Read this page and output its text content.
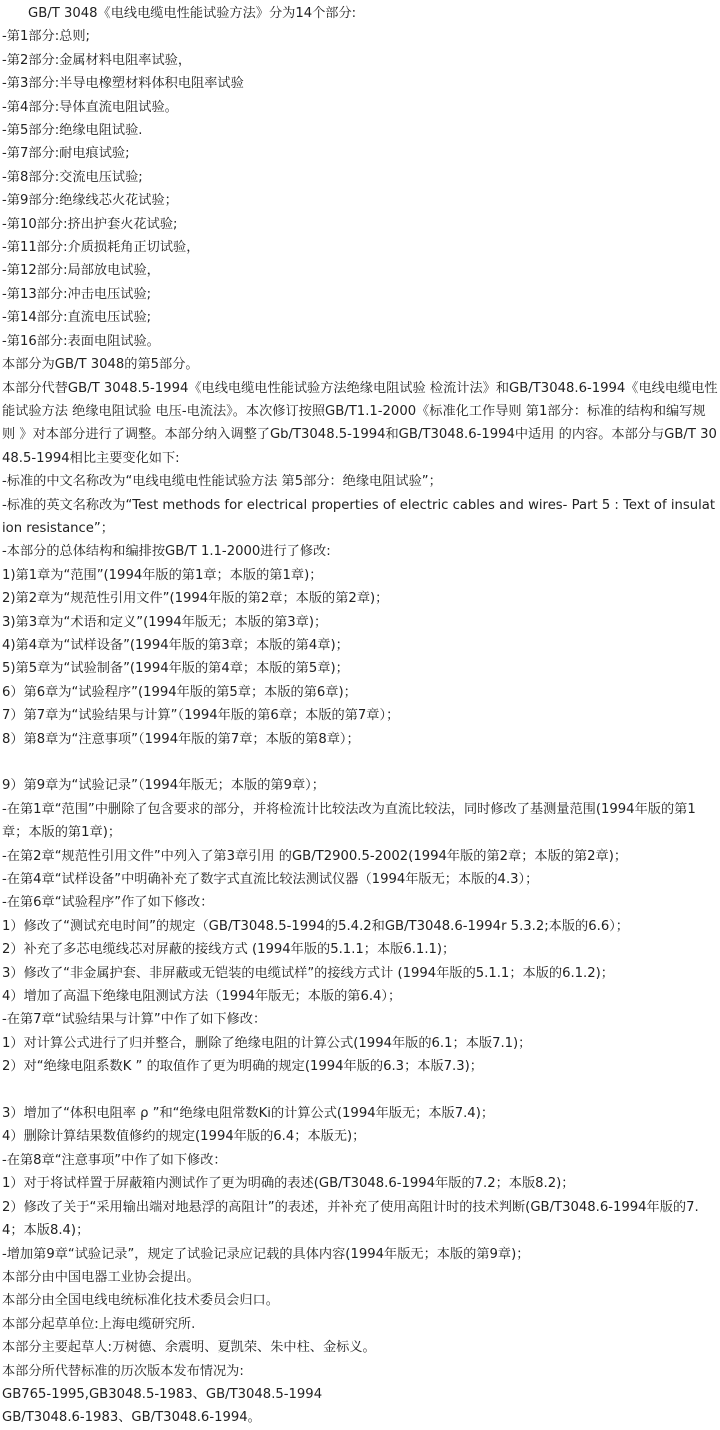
GB/T 3048《电线电缆电性能试验方法》分为14个部分:

-第1部分:总则;

-第2部分:金属材料电阻率试验，

-第3部分:半导电橡塑材料体积电阻率试验

-第4部分:导体直流电阻试验。

-第5部分:绝缘电阻试验.

-第7部分:耐电痕试验;

-第8部分:交流电压试验;

-第9部分:绝缘线芯火花试验；

-第10部分:挤出护套火花试验;

-第11部分:介质损耗角正切试验，

-第12部分:局部放电试验，

-第13部分:冲击电压试验;

-第14部分:直流电压试验;

-第16部分:表面电阻试验。

本部分为GB/T 3048的第5部分。

本部分代替GB/T 3048.5-1994《电线电缆电性能试验方法绝缘电阻试验 检流计法》和GB/T3048.6-1994《电线电缆电性能试验方法 绝缘电阻试验 电压-电流法》。本次修订按照GB/T1.1-2000《标准化工作导则 第1部分：标准的结构和编写规则 》对本部分进行了调整。本部分纳入调整了Gb/T3048.5-1994和GB/T3048.6-1994中适用 的内容。本部分与GB/T 3048.5-1994相比主要变化如下:

-标准的中文名称改为“电线电缆电性能试验方法 第5部分：绝缘电阻试验”；

-标准的英文名称改为“Test methods for electrical properties of electric cables and wires- Part 5 : Text of insulation resistance”；

-本部分的总体结构和编排按GB/T 1.1-2000进行了修改:

1)第1章为“范围”(1994年版的第1章；本版的第1章)；

2)第2章为“规范性引用文件”(1994年版的第2章；本版的第2章)；

3)第3章为“术语和定义”(1994年版无；本版的第3章)；

4)第4章为“试样设备”(1994年版的第3章；本版的第4章)；

5)第5章为“试验制备”(1994年版的第4章；本版的第5章)；

6）第6章为“试验程序”(1994年版的第5章；本版的第6章)；

7）第7章为“试验结果与计算”（1994年版的第6章；本版的第7章）；

8）第8章为“注意事项”（1994年版的第7章；本版的第8章）；

9）第9章为“试验记录”（1994年版无；本版的第9章）；

-在第1章“范围”中删除了包含要求的部分，并将检流计比较法改为直流比较法，同时修改了基测量范围(1994年版的第1章；本版的第1章)；

-在第2章“规范性引用文件”中列入了第3章引用 的GB/T2900.5-2002(1994年版的第2章；本版的第2章)；

-在第4章“试样设备”中明确补充了数字式直流比较法测试仪器（1994年版无；本版的4.3）；

-在第6章“试验程序”作了如下修改：

1）修改了“测试充电时间”的规定（GB/T3048.5-1994的5.4.2和GB/T3048.6-1994r 5.3.2;本版的6.6）；

2）补充了多芯电缆线芯对屏蔽的接线方式 (1994年版的5.1.1；本版6.1.1)；

3）修改了“非金属护套、非屏蔽或无铠装的电缆试样”的接线方式计 (1994年版的5.1.1；本版的6.1.2)；

4）增加了高温下绝缘电阻测试方法（1994年版无；本版的第6.4）；

-在第7章“试验结果与计算”中作了如下修改：

1）对计算公式进行了归并整合，删除了绝缘电阻的计算公式(1994年版的6.1；本版7.1)；

2）对“绝缘电阻系数K ” 的取值作了更为明确的规定(1994年版的6.3；本版7.3)；

3）增加了“体积电阻率 ρ ”和“绝缘电阻常数Ki的计算公式(1994年版无；本版7.4)；

4）删除计算结果数值修约的规定(1994年版的6.4；本版无)；

-在第8章“注意事项”中作了如下修改：

1）对于将试样置于屏蔽箱内测试作了更为明确的表述(GB/T3048.6-1994年版的7.2；本版8.2)；

2）修改了关于“采用输出端对地悬浮的高阻计”的表述，并补充了使用高阻计时的技术判断(GB/T3048.6-1994年版的7.4；本版8.4)；

-增加第9章“试验记录”，规定了试验记录应记载的具体内容(1994年版无；本版的第9章)；

本部分由中国电器工业协会提出。

本部分由全国电线电统标准化技术委员会归口。

本部分起草单位:上海电缆研究所.

本部分主要起草人:万树德、余震明、夏凯荣、朱中柱、金标义。

本部分所代替标准的历次版本发布情况为:

GB765-1995,GB3048.5-1983、GB/T3048.5-1994

GB/T3048.6-1983、GB/T3048.6-1994。
